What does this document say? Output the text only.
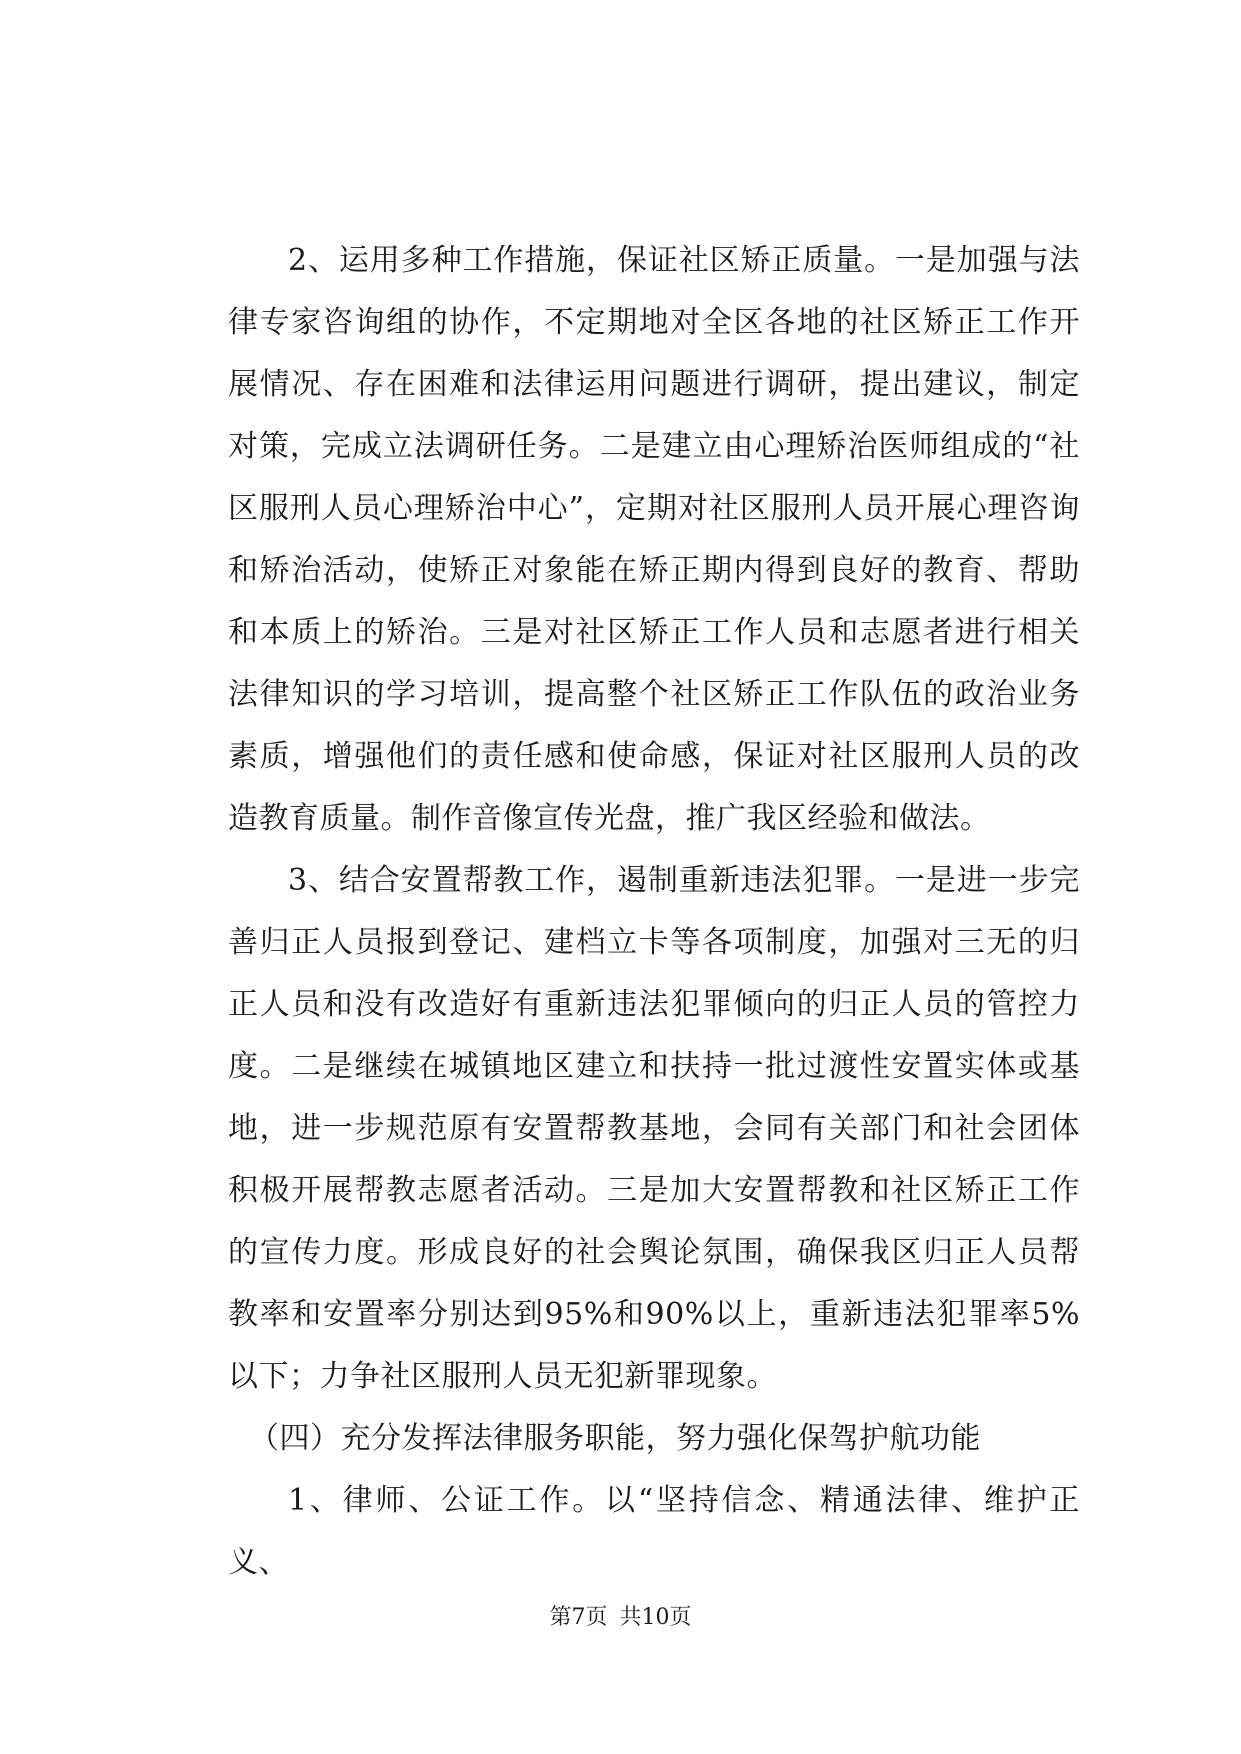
2、运用多种工作措施，保证社区矫正质量。一是加强与法律专家咨询组的协作，不定期地对全区各地的社区矫正工作开展情况、存在困难和法律运用问题进行调研，提出建议，制定对策，完成立法调研任务。二是建立由心理矫治医师组成的“社区服刑人员心理矫治中心”，定期对社区服刑人员开展心理咨询和矫治活动，使矫正对象能在矫正期内得到良好的教育、帮助和本质上的矫治。三是对社区矫正工作人员和志愿者进行相关法律知识的学习培训，提高整个社区矫正工作队伍的政治业务素质，增强他们的责任感和使命感，保证对社区服刑人员的改造教育质量。制作音像宣传光盘，推广我区经验和做法。

3、结合安置帮教工作，遏制重新违法犯罪。一是进一步完善归正人员报到登记、建档立卡等各项制度，加强对三无的归正人员和没有改造好有重新违法犯罪倾向的归正人员的管控力度。二是继续在城镇地区建立和扶持一批过渡性安置实体或基地，进一步规范原有安置帮教基地，会同有关部门和社会团体积极开展帮教志愿者活动。三是加大安置帮教和社区矫正工作的宣传力度。形成良好的社会舆论氛围，确保我区归正人员帮教率和安置率分别达到95%和90%以上，重新违法犯罪率5%以下；力争社区服刑人员无犯新罪现象。

（四）充分发挥法律服务职能，努力强化保驾护航功能

1、律师、公证工作。以“坚持信念、精通法律、维护正义、

第7页 共10页
